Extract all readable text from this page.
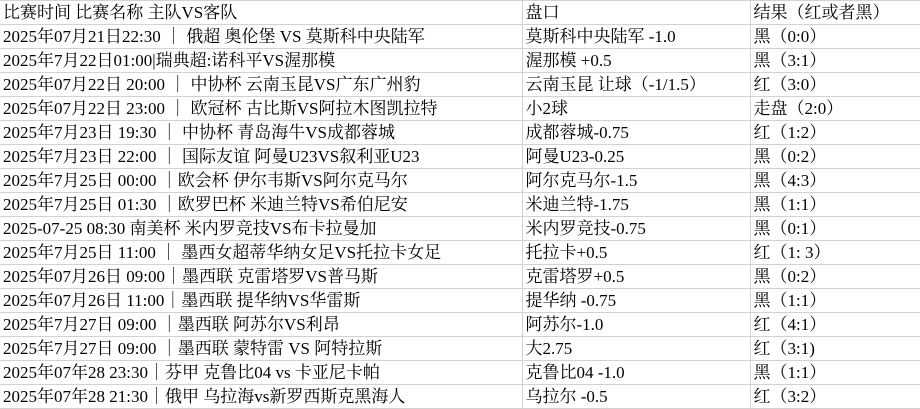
比赛时间 比赛名称 主队VS客队	盘口	结果（红或者黑）
2025年07月21日22:30 ｜ 俄超 奥伦堡 VS 莫斯科中央陆军	莫斯科中央陆军 -1.0	黑（0:0）
2025年7月22日01:00|瑞典超:诺科平VS渥那模	渥那模 +0.5	黑（3:1）
2025年07月22日 20:00 ｜ 中协杯 云南玉昆VS广东广州豹	云南玉昆 让球（-1/1.5）	红（3:0）
2025年07月22日 23:00 ｜ 欧冠杯 古比斯VS阿拉木图凯拉特	小2球	走盘（2:0）
2025年7月23日 19:30 ｜ 中协杯 青岛海牛VS成都蓉城	成都蓉城-0.75	红（1:2）
2025年7月23日 22:00 ｜ 国际友谊 阿曼U23VS叙利亚U23	阿曼U23-0.25	黑（0:2）
2025年7月25日 00:00 ｜欧会杯 伊尔韦斯VS阿尔克马尔	阿尔克马尔-1.5	黑（4:3）
2025年7月25日 01:30 ｜欧罗巴杯 米迪兰特VS希伯尼安	米迪兰特-1.75	黑（1:1）
2025-07-25 08:30 南美杯 米内罗竞技VS布卡拉曼加	米内罗竞技-0.75	黑（0:1）
2025年7月25日 11:00 ｜ 墨西女超蒂华纳女足VS托拉卡女足	托拉卡+0.5	红（1: 3）
2025年07月26日 09:00｜墨西联 克雷塔罗VS普马斯	克雷塔罗+0.5	黑（0:2）
2025年07月26日 11:00｜墨西联 提华纳VS华雷斯	提华纳 -0.75	黑（1:1）
2025年7月27日 09:00 ｜墨西联 阿苏尔VS利昂	阿苏尔-1.0	红（4:1）
2025年7月27日 09:00 ｜墨西联 蒙特雷 VS 阿特拉斯	大2.75	红（3:1)
2025年07年28 23:30｜芬甲 克鲁比04 vs 卡亚尼卡帕	克鲁比04 -1.0	黑（1:1）
2025年07年28 21:30｜俄甲 乌拉海vs新罗西斯克黑海人	乌拉尔 -0.5	红（3:2）
